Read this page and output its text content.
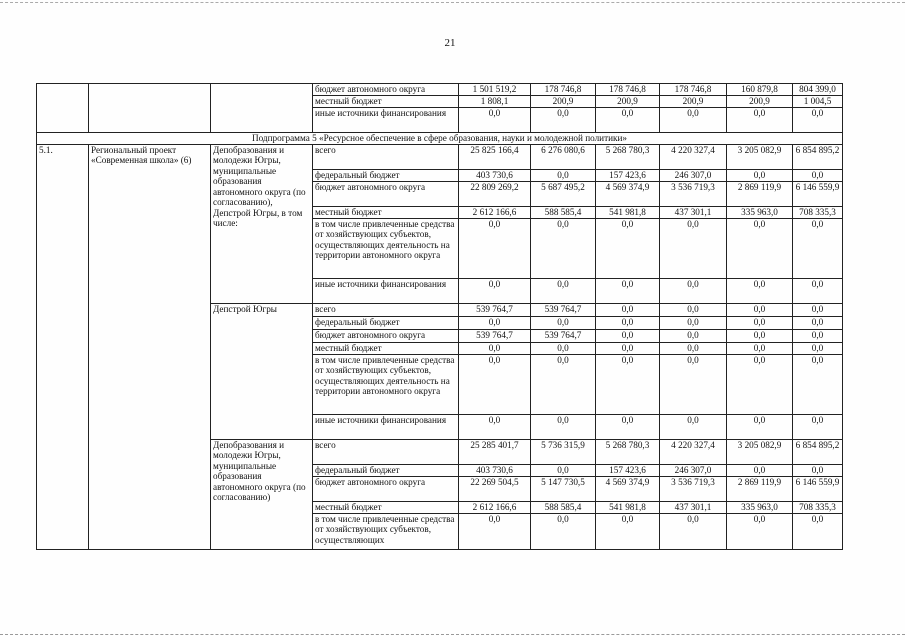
21
			бюджет автономного округа	1 501 519,2	178 746,8	178 746,8	178 746,8	160 879,8	804 399,0
			местный бюджет	1 808,1	200,9	200,9	200,9	200,9	1 004,5
			иные источники финансирования	0,0	0,0	0,0	0,0	0,0	0,0
Подпрограмма 5 «Ресурсное обеспечение в сфере образования, науки и молодежной политики»									
5.1.	Региональный проект «Современная школа» (6)	Депобразования и молодежи Югры, муниципальные образования автономного округа (по согласованию), Депстрой Югры, в том числе:	всего	25 825 166,4	6 276 080,6	5 268 780,3	4 220 327,4	3 205 082,9	6 854 895,2
			федеральный бюджет	403 730,6	0,0	157 423,6	246 307,0	0,0	0,0
			бюджет автономного округа	22 809 269,2	5 687 495,2	4 569 374,9	3 536 719,3	2 869 119,9	6 146 559,9
			местный бюджет	2 612 166,6	588 585,4	541 981,8	437 301,1	335 963,0	708 335,3
			в том числе привлеченные средства от хозяйствующих субъектов, осуществляющих деятельность на территории автономного округа	0,0	0,0	0,0	0,0	0,0	0,0
			иные источники финансирования	0,0	0,0	0,0	0,0	0,0	0,0
		Депстрой Югры	всего	539 764,7	539 764,7	0,0	0,0	0,0	0,0
			федеральный бюджет	0,0	0,0	0,0	0,0	0,0	0,0
			бюджет автономного округа	539 764,7	539 764,7	0,0	0,0	0,0	0,0
			местный бюджет	0,0	0,0	0,0	0,0	0,0	0,0
			в том числе привлеченные средства от хозяйствующих субъектов, осуществляющих деятельность на территории автономного округа	0,0	0,0	0,0	0,0	0,0	0,0
			иные источники финансирования	0,0	0,0	0,0	0,0	0,0	0,0
		Депобразования и молодежи Югры, муниципальные образования автономного округа (по согласованию)	всего	25 285 401,7	5 736 315,9	5 268 780,3	4 220 327,4	3 205 082,9	6 854 895,2
			федеральный бюджет	403 730,6	0,0	157 423,6	246 307,0	0,0	0,0
			бюджет автономного округа	22 269 504,5	5 147 730,5	4 569 374,9	3 536 719,3	2 869 119,9	6 146 559,9
			местный бюджет	2 612 166,6	588 585,4	541 981,8	437 301,1	335 963,0	708 335,3
			в том числе привлеченные средства от хозяйствующих субъектов, осуществляющих	0,0	0,0	0,0	0,0	0,0	0,0
